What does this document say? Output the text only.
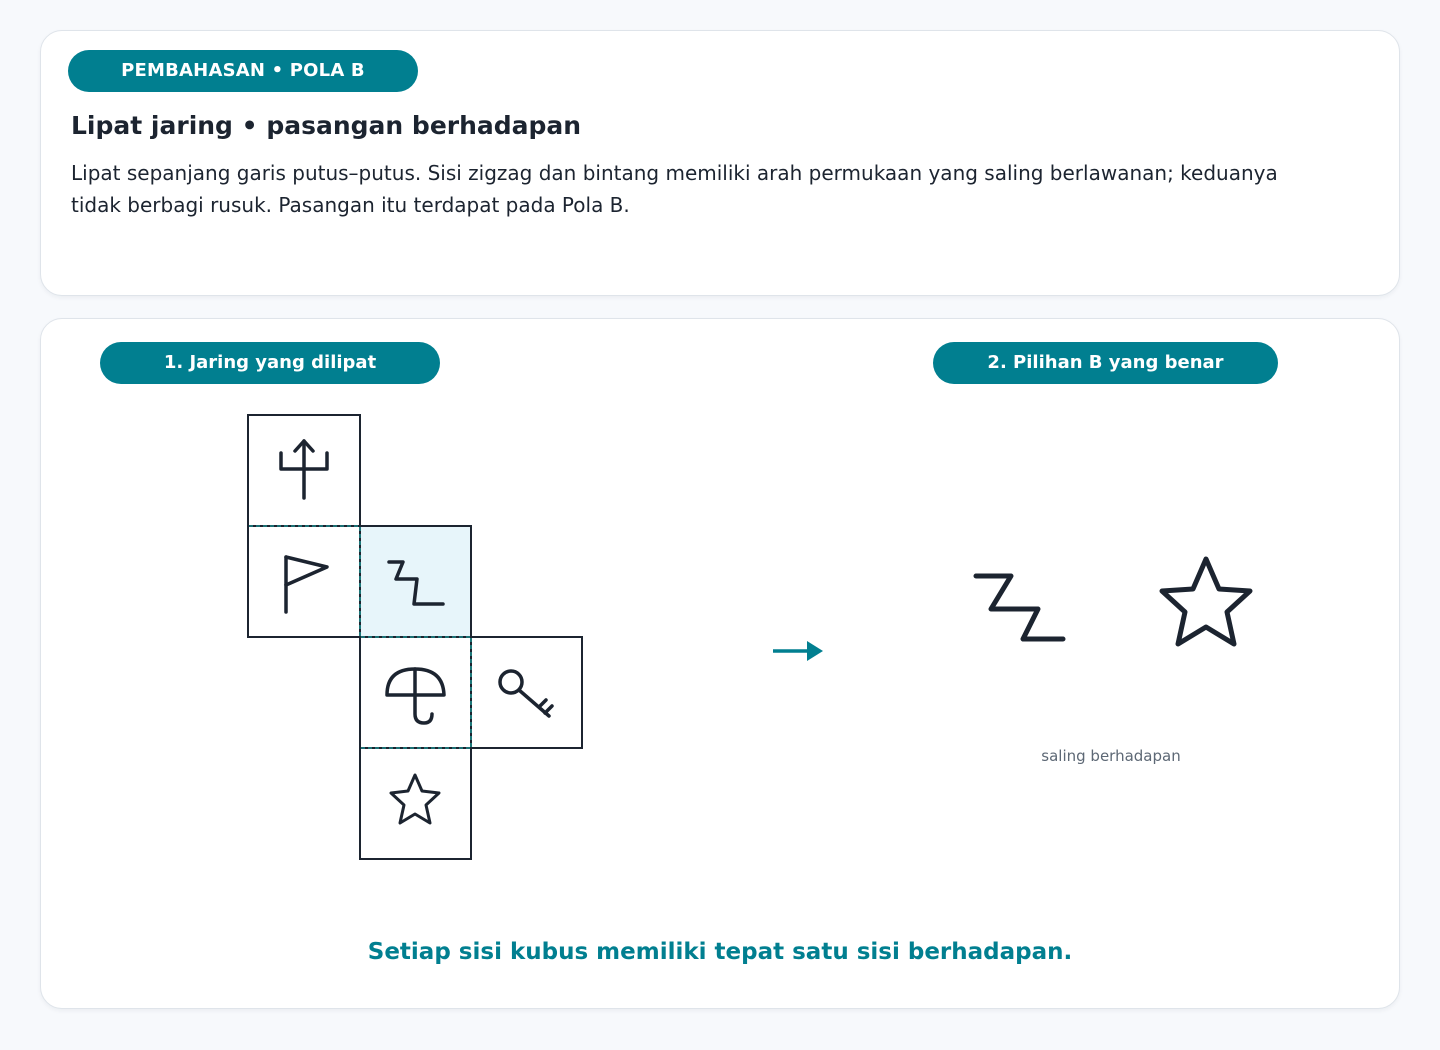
PEMBAHASAN • POLA B
Lipat jaring • pasangan berhadapan
Lipat sepanjang garis putus–putus. Sisi zigzag dan bintang memiliki arah permukaan yang saling berlawanan; keduanya tidak berbagi rusuk. Pasangan itu terdapat pada Pola B.
1. Jaring yang dilipat	2. Pilihan B yang benar
saling berhadapan
Setiap sisi kubus memiliki tepat satu sisi berhadapan.
